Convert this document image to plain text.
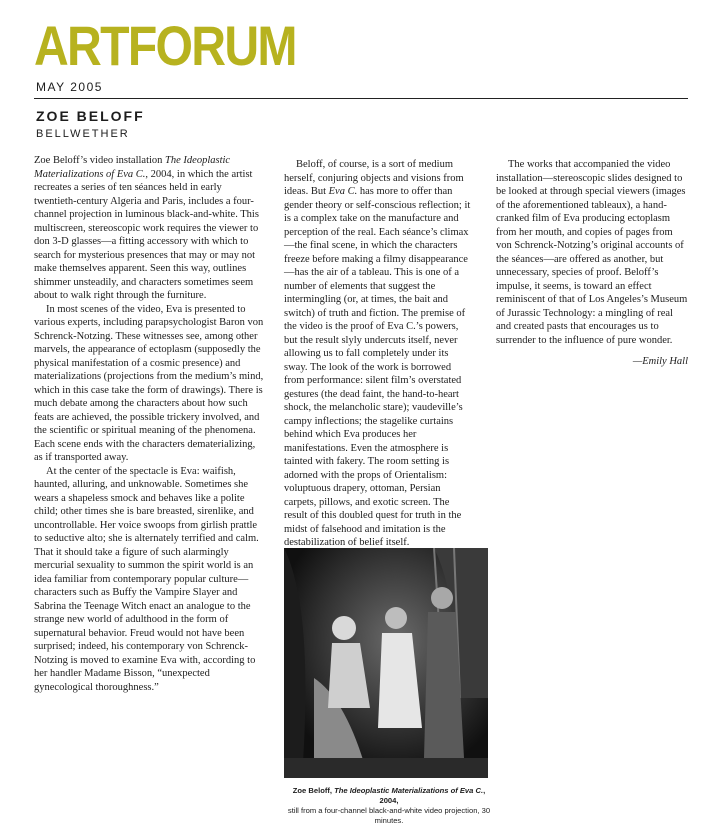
ARTFORUM
MAY 2005
ZOE BELOFF
BELLWETHER

Zoe Beloff’s video installation The Ideoplastic Materializations of Eva C., 2004, in which the artist recreates a series of ten séances held in early twentieth-century Algeria and Paris, includes a four-channel projection in luminous black-and-white. This multiscreen, stereoscopic work requires the viewer to don 3-D glasses—a fitting accessory with which to search for mysterious presences that may or may not make themselves apparent. Seen this way, outlines shimmer unsteadily, and characters sometimes seem about to walk right through the furniture.

In most scenes of the video, Eva is presented to various experts, including parapsychologist Baron von Schrenck-Notzing. These witnesses see, among other marvels, the appearance of ectoplasm (supposedly the physical manifestation of a cosmic presence) and materializations (projections from the medium’s mind, which in this case take the form of drawings). There is much debate among the characters about how such feats are achieved, the possible trickery involved, and the scientific or spiritual meaning of the phenomena. Each scene ends with the characters dematerializing, as if transported away.

At the center of the spectacle is Eva: waifish, haunted, alluring, and unknowable. Sometimes she wears a shapeless smock and behaves like a polite child; other times she is bare breasted, sirenlike, and uncontrollable. Her voice swoops from girlish prattle to seductive alto; she is alternately terrified and calm. That it should take a figure of such alarmingly mercurial sexuality to summon the spirit world is an idea familiar from contemporary popular culture—characters such as Buffy the Vampire Slayer and Sabrina the Teenage Witch enact an analogue to the strange new world of adulthood in the form of supernatural behavior. Freud would not have been surprised; indeed, his contemporary von Schrenck-Notzing is moved to examine Eva with, according to her handler Madame Bisson, “unexpected gynecological thoroughness.”

Beloff, of course, is a sort of medium herself, conjuring objects and visions from ideas. But Eva C. has more to offer than gender theory or self-conscious reflection; it is a complex take on the manufacture and perception of the real. Each séance’s climax—the final scene, in which the characters freeze before making a filmy disappearance—has the air of a tableau. This is one of a number of elements that suggest the intermingling (or, at times, the bait and switch) of truth and fiction. The premise of the video is the proof of Eva C.’s powers, but the result slyly undercuts itself, never allowing us to fall completely under its sway. The look of the work is borrowed from performance: silent film’s overstated gestures (the dead faint, the hand-to-heart shock, the melancholic stare); vaudeville’s campy inflections; the stagelike curtains behind which Eva produces her manifestations. Even the atmosphere is tainted with fakery. The room setting is adorned with the props of Orientalism: voluptuous drapery, ottoman, Persian carpets, pillows, and exotic screen. The result of this doubled quest for truth in the midst of falsehood and imitation is the destabilization of belief itself.

Zoe Beloff, The Ideoplastic Materializations of Eva C., 2004,
still from a four-channel black-and-white video projection, 30 minutes.

The works that accompanied the video installation—stereoscopic slides designed to be looked at through special viewers (images of the aforementioned tableaux), a hand-cranked film of Eva producing ectoplasm from her mouth, and copies of pages from von Schrenck-Notzing’s original accounts of the séances—are offered as another, but unnecessary, species of proof. Beloff’s impulse, it seems, is toward an effect reminiscent of that of Los Angeles’s Museum of Jurassic Technology: a mingling of real and created pasts that encourages us to surrender to the influence of pure wonder.

—Emily Hall
